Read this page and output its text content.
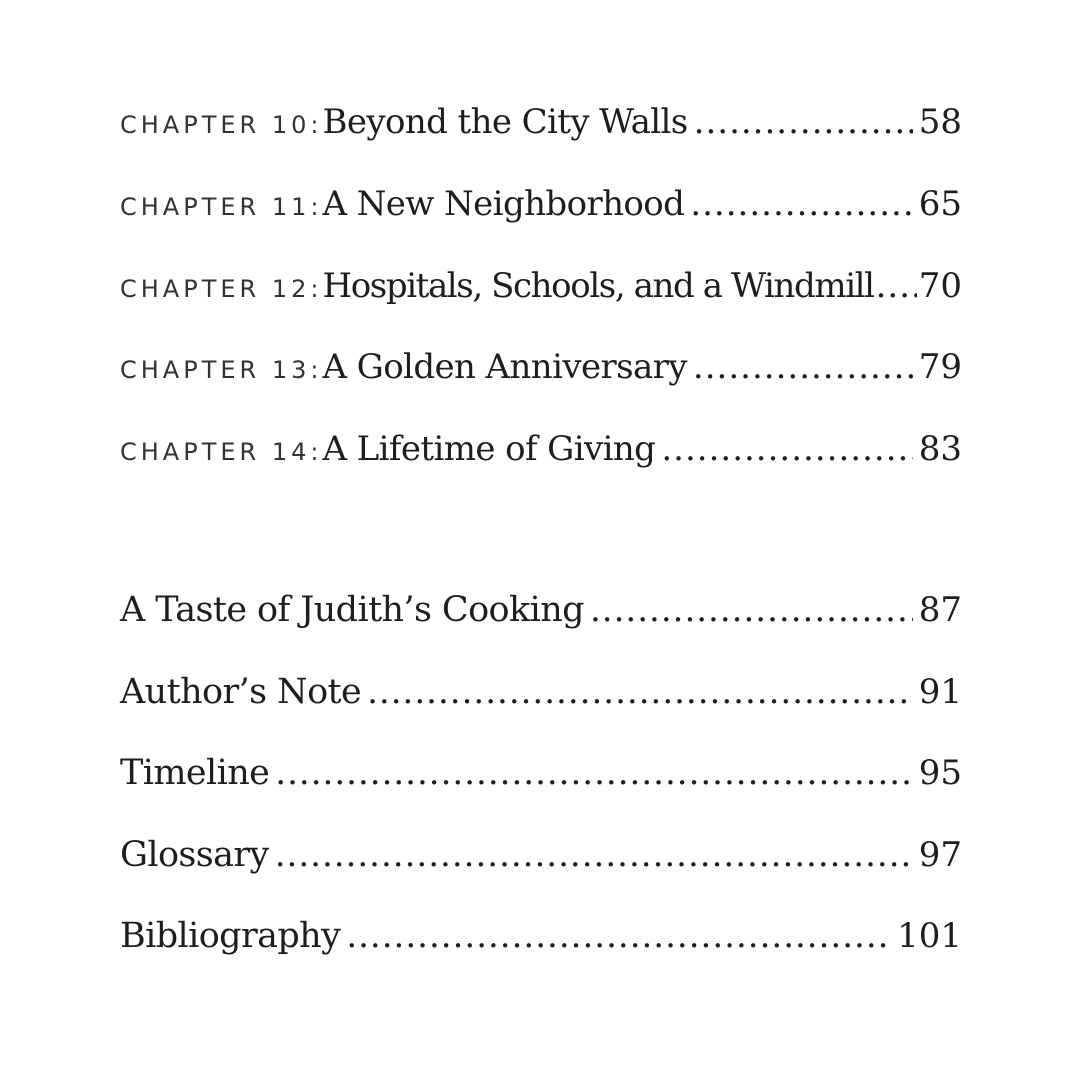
CHAPTER 10 : Beyond the City Walls .....	58
CHAPTER 11 : A New Neighborhood .....	65
CHAPTER 12 : Hospitals, Schools, and a Windmill ..... 70
CHAPTER 13 : A Golden Anniversary .....	79
CHAPTER 14 : A Lifetime of Giving .....	83
A Taste of Judith’s Cooking .....	87
Author’s Note .....	91
Timeline .....	95
Glossary .....	97
Bibliography .....	101
